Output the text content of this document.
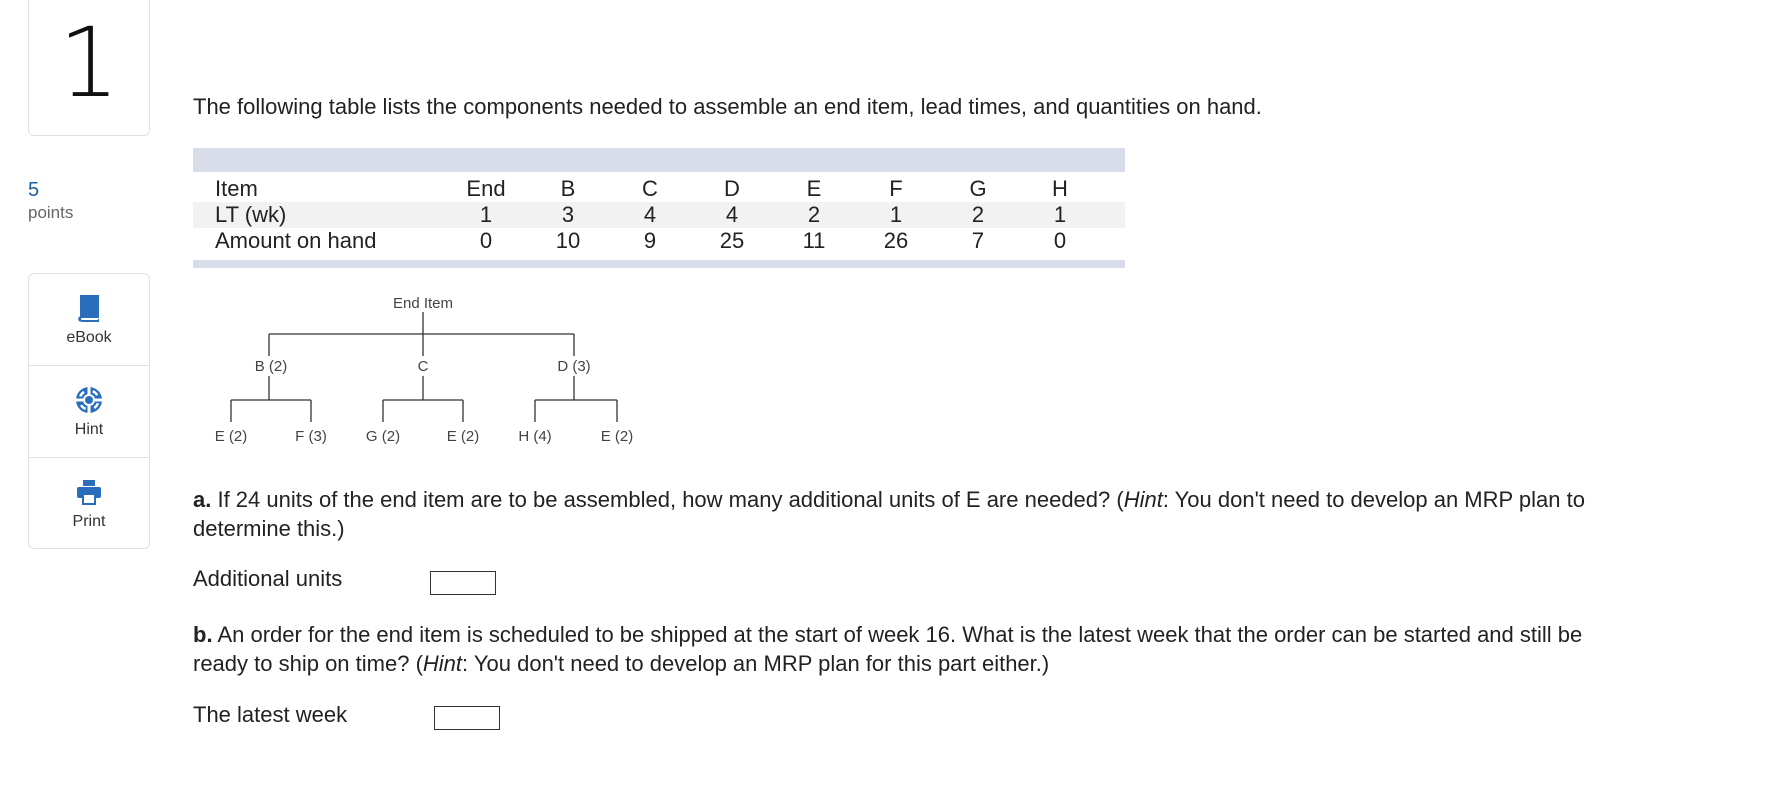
1
5
points
eBook
Hint
Print
The following table lists the components needed to assemble an end item, lead times, and quantities on hand.
Item	End	B	C	D	E	F	G	H
LT (wk)	1	3	4	4	2	1	2	1
Amount on hand	0	10	9	25	11	26	7	0
End Item
B (2)	C	D (3)
E (2)	F (3)	G (2)	E (2)	H (4)	E (2)
a. If 24 units of the end item are to be assembled, how many additional units of E are needed? (Hint: You don't need to develop an MRP plan to determine this.)
Additional units
b. An order for the end item is scheduled to be shipped at the start of week 16. What is the latest week that the order can be started and still be ready to ship on time? (Hint: You don't need to develop an MRP plan for this part either.)
The latest week
